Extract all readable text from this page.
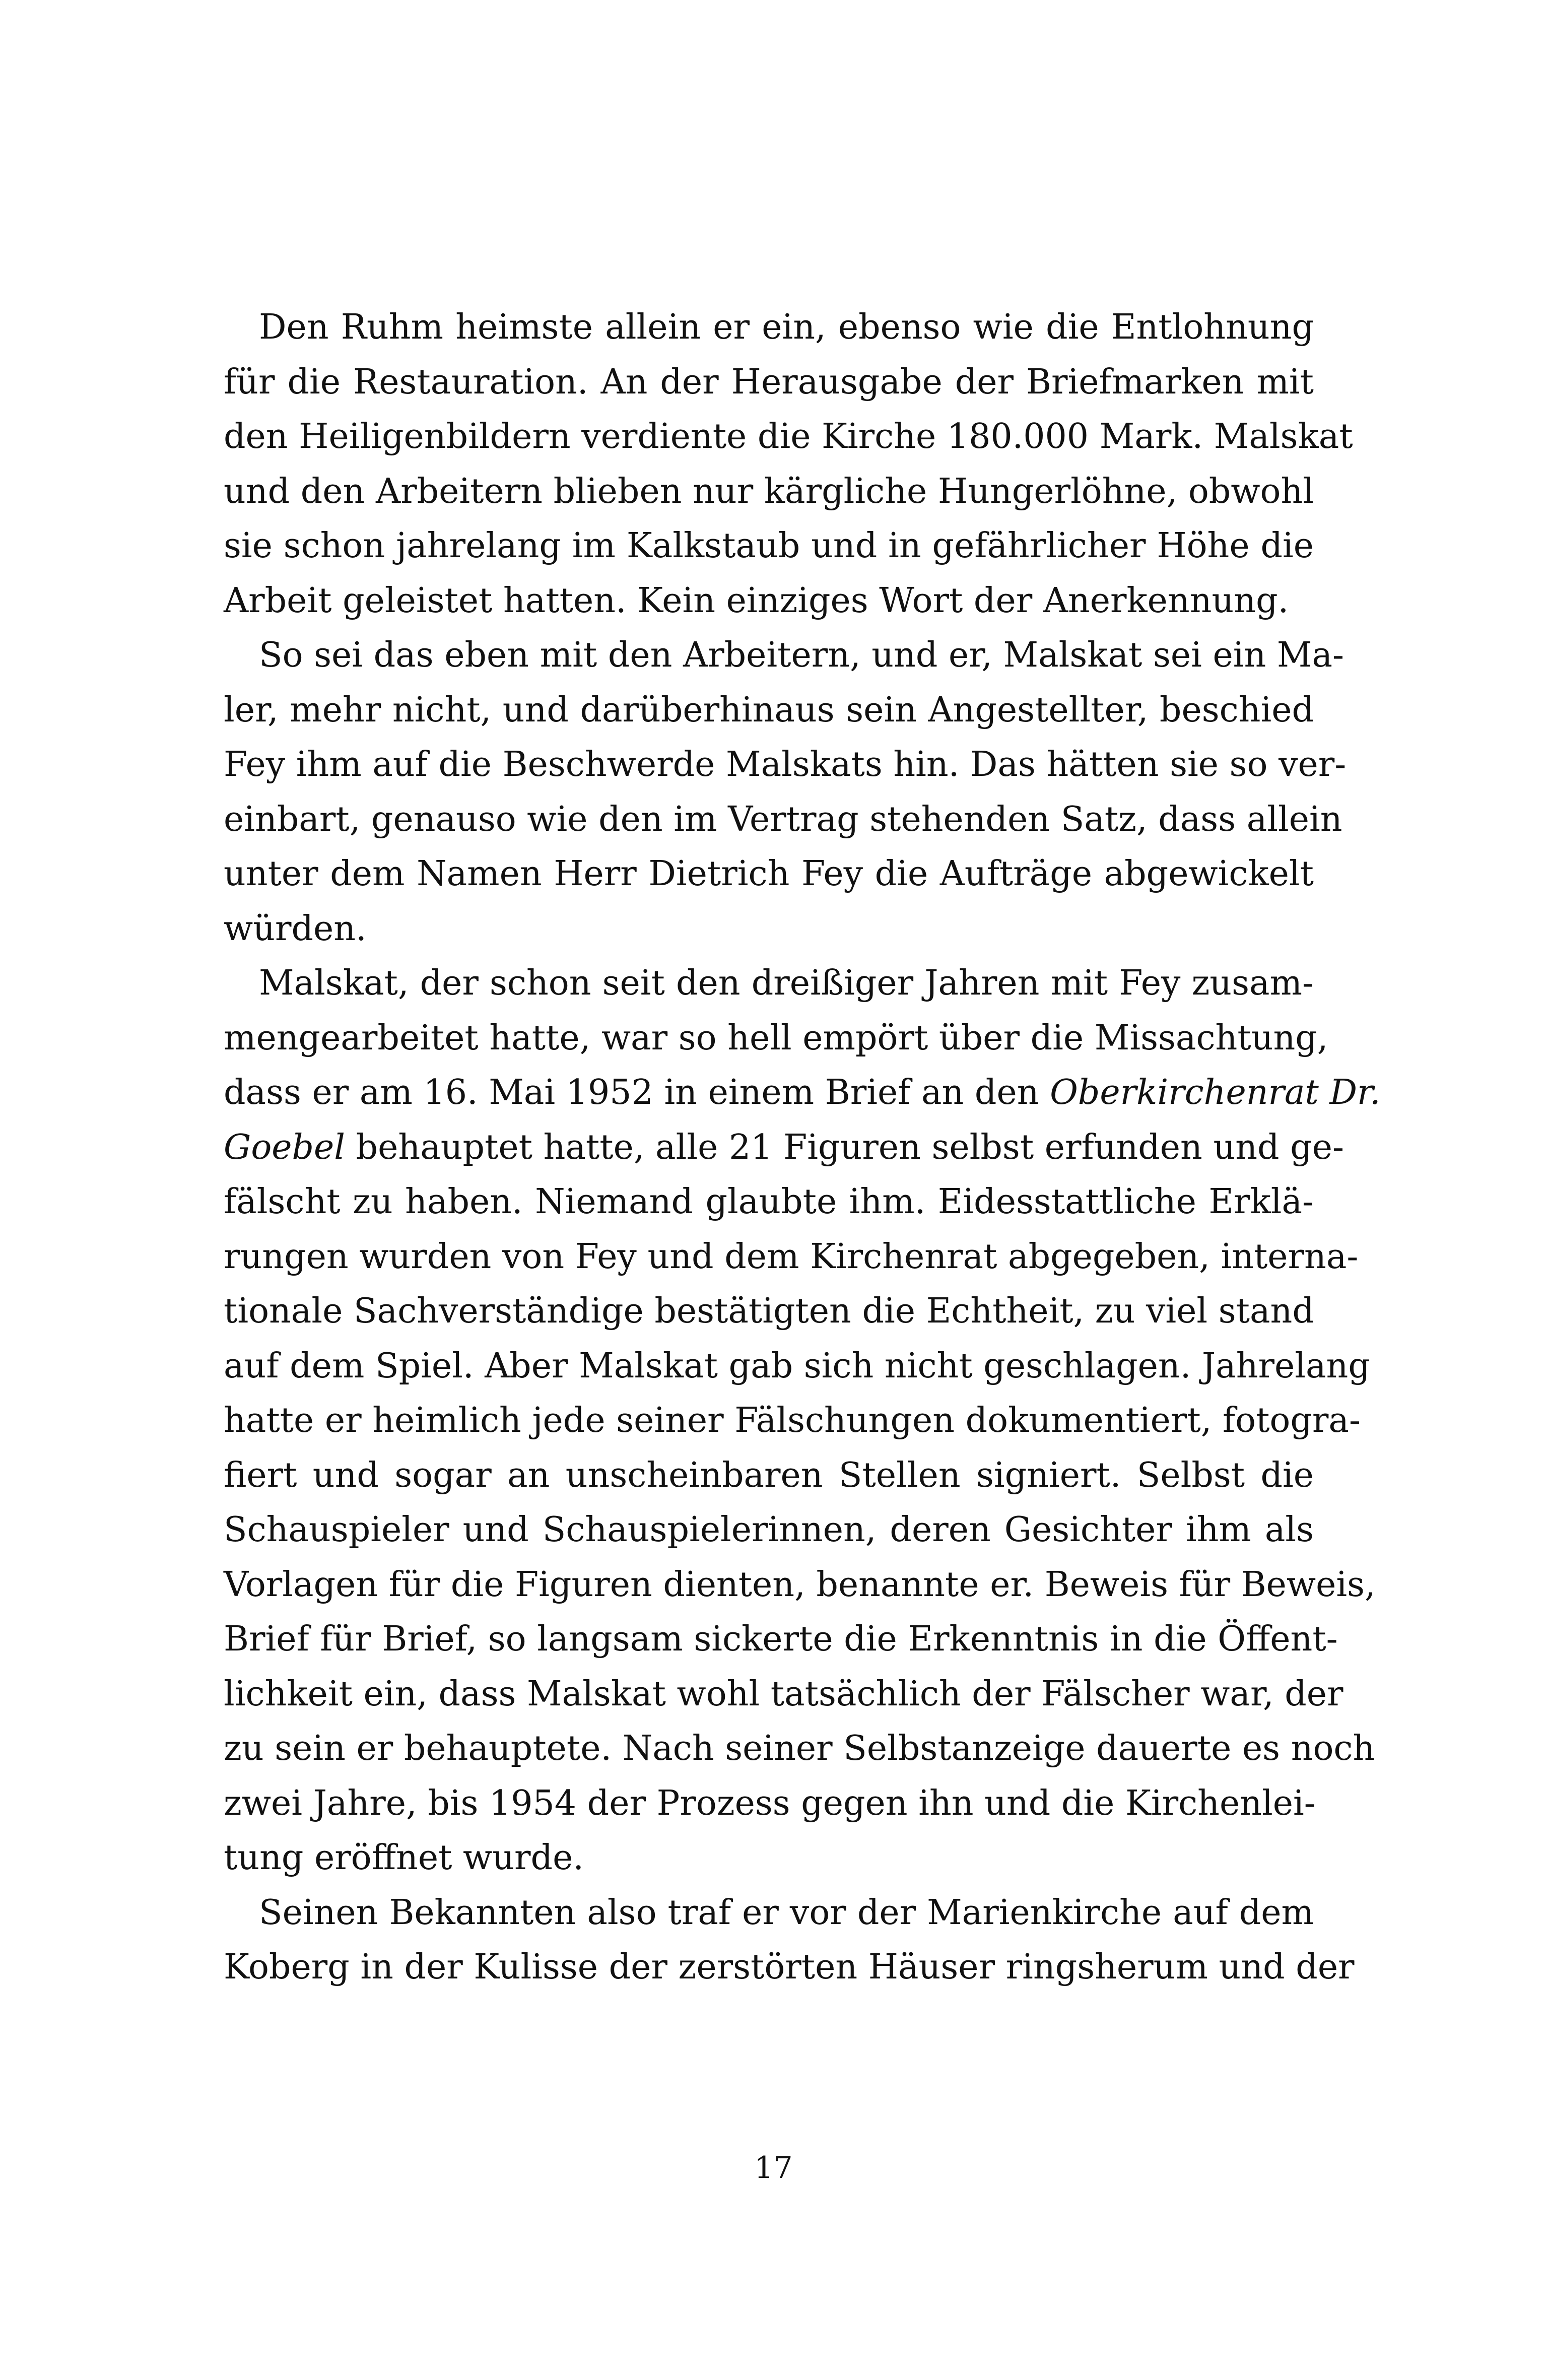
Den Ruhm heimste allein er ein, ebenso wie die Entlohnung
für die Restauration. An der Herausgabe der Briefmarken mit
den Heiligenbildern verdiente die Kirche 180.000 Mark. Malskat
und den Arbeitern blieben nur kärgliche Hungerlöhne, obwohl
sie schon jahrelang im Kalkstaub und in gefährlicher Höhe die
Arbeit geleistet hatten. Kein einziges Wort der Anerkennung.
So sei das eben mit den Arbeitern, und er, Malskat sei ein Ma-
ler, mehr nicht, und darüberhinaus sein Angestellter, beschied
Fey ihm auf die Beschwerde Malskats hin. Das hätten sie so ver-
einbart, genauso wie den im Vertrag stehenden Satz, dass allein
unter dem Namen Herr Dietrich Fey die Aufträge abgewickelt
würden.
Malskat, der schon seit den dreißiger Jahren mit Fey zusam-
mengearbeitet hatte, war so hell empört über die Missachtung,
dass er am 16. Mai 1952 in einem Brief an den Oberkirchenrat Dr.
Goebel behauptet hatte, alle 21 Figuren selbst erfunden und ge-
fälscht zu haben. Niemand glaubte ihm. Eidesstattliche Erklä-
rungen wurden von Fey und dem Kirchenrat abgegeben, interna-
tionale Sachverständige bestätigten die Echtheit, zu viel stand
auf dem Spiel. Aber Malskat gab sich nicht geschlagen. Jahrelang
hatte er heimlich jede seiner Fälschungen dokumentiert, fotogra-
fiert und sogar an unscheinbaren Stellen signiert. Selbst die
Schauspieler und Schauspielerinnen, deren Gesichter ihm als
Vorlagen für die Figuren dienten, benannte er. Beweis für Beweis,
Brief für Brief, so langsam sickerte die Erkenntnis in die Öffent-
lichkeit ein, dass Malskat wohl tatsächlich der Fälscher war, der
zu sein er behauptete. Nach seiner Selbstanzeige dauerte es noch
zwei Jahre, bis 1954 der Prozess gegen ihn und die Kirchenlei-
tung eröffnet wurde.
Seinen Bekannten also traf er vor der Marienkirche auf dem
Koberg in der Kulisse der zerstörten Häuser ringsherum und der
17
